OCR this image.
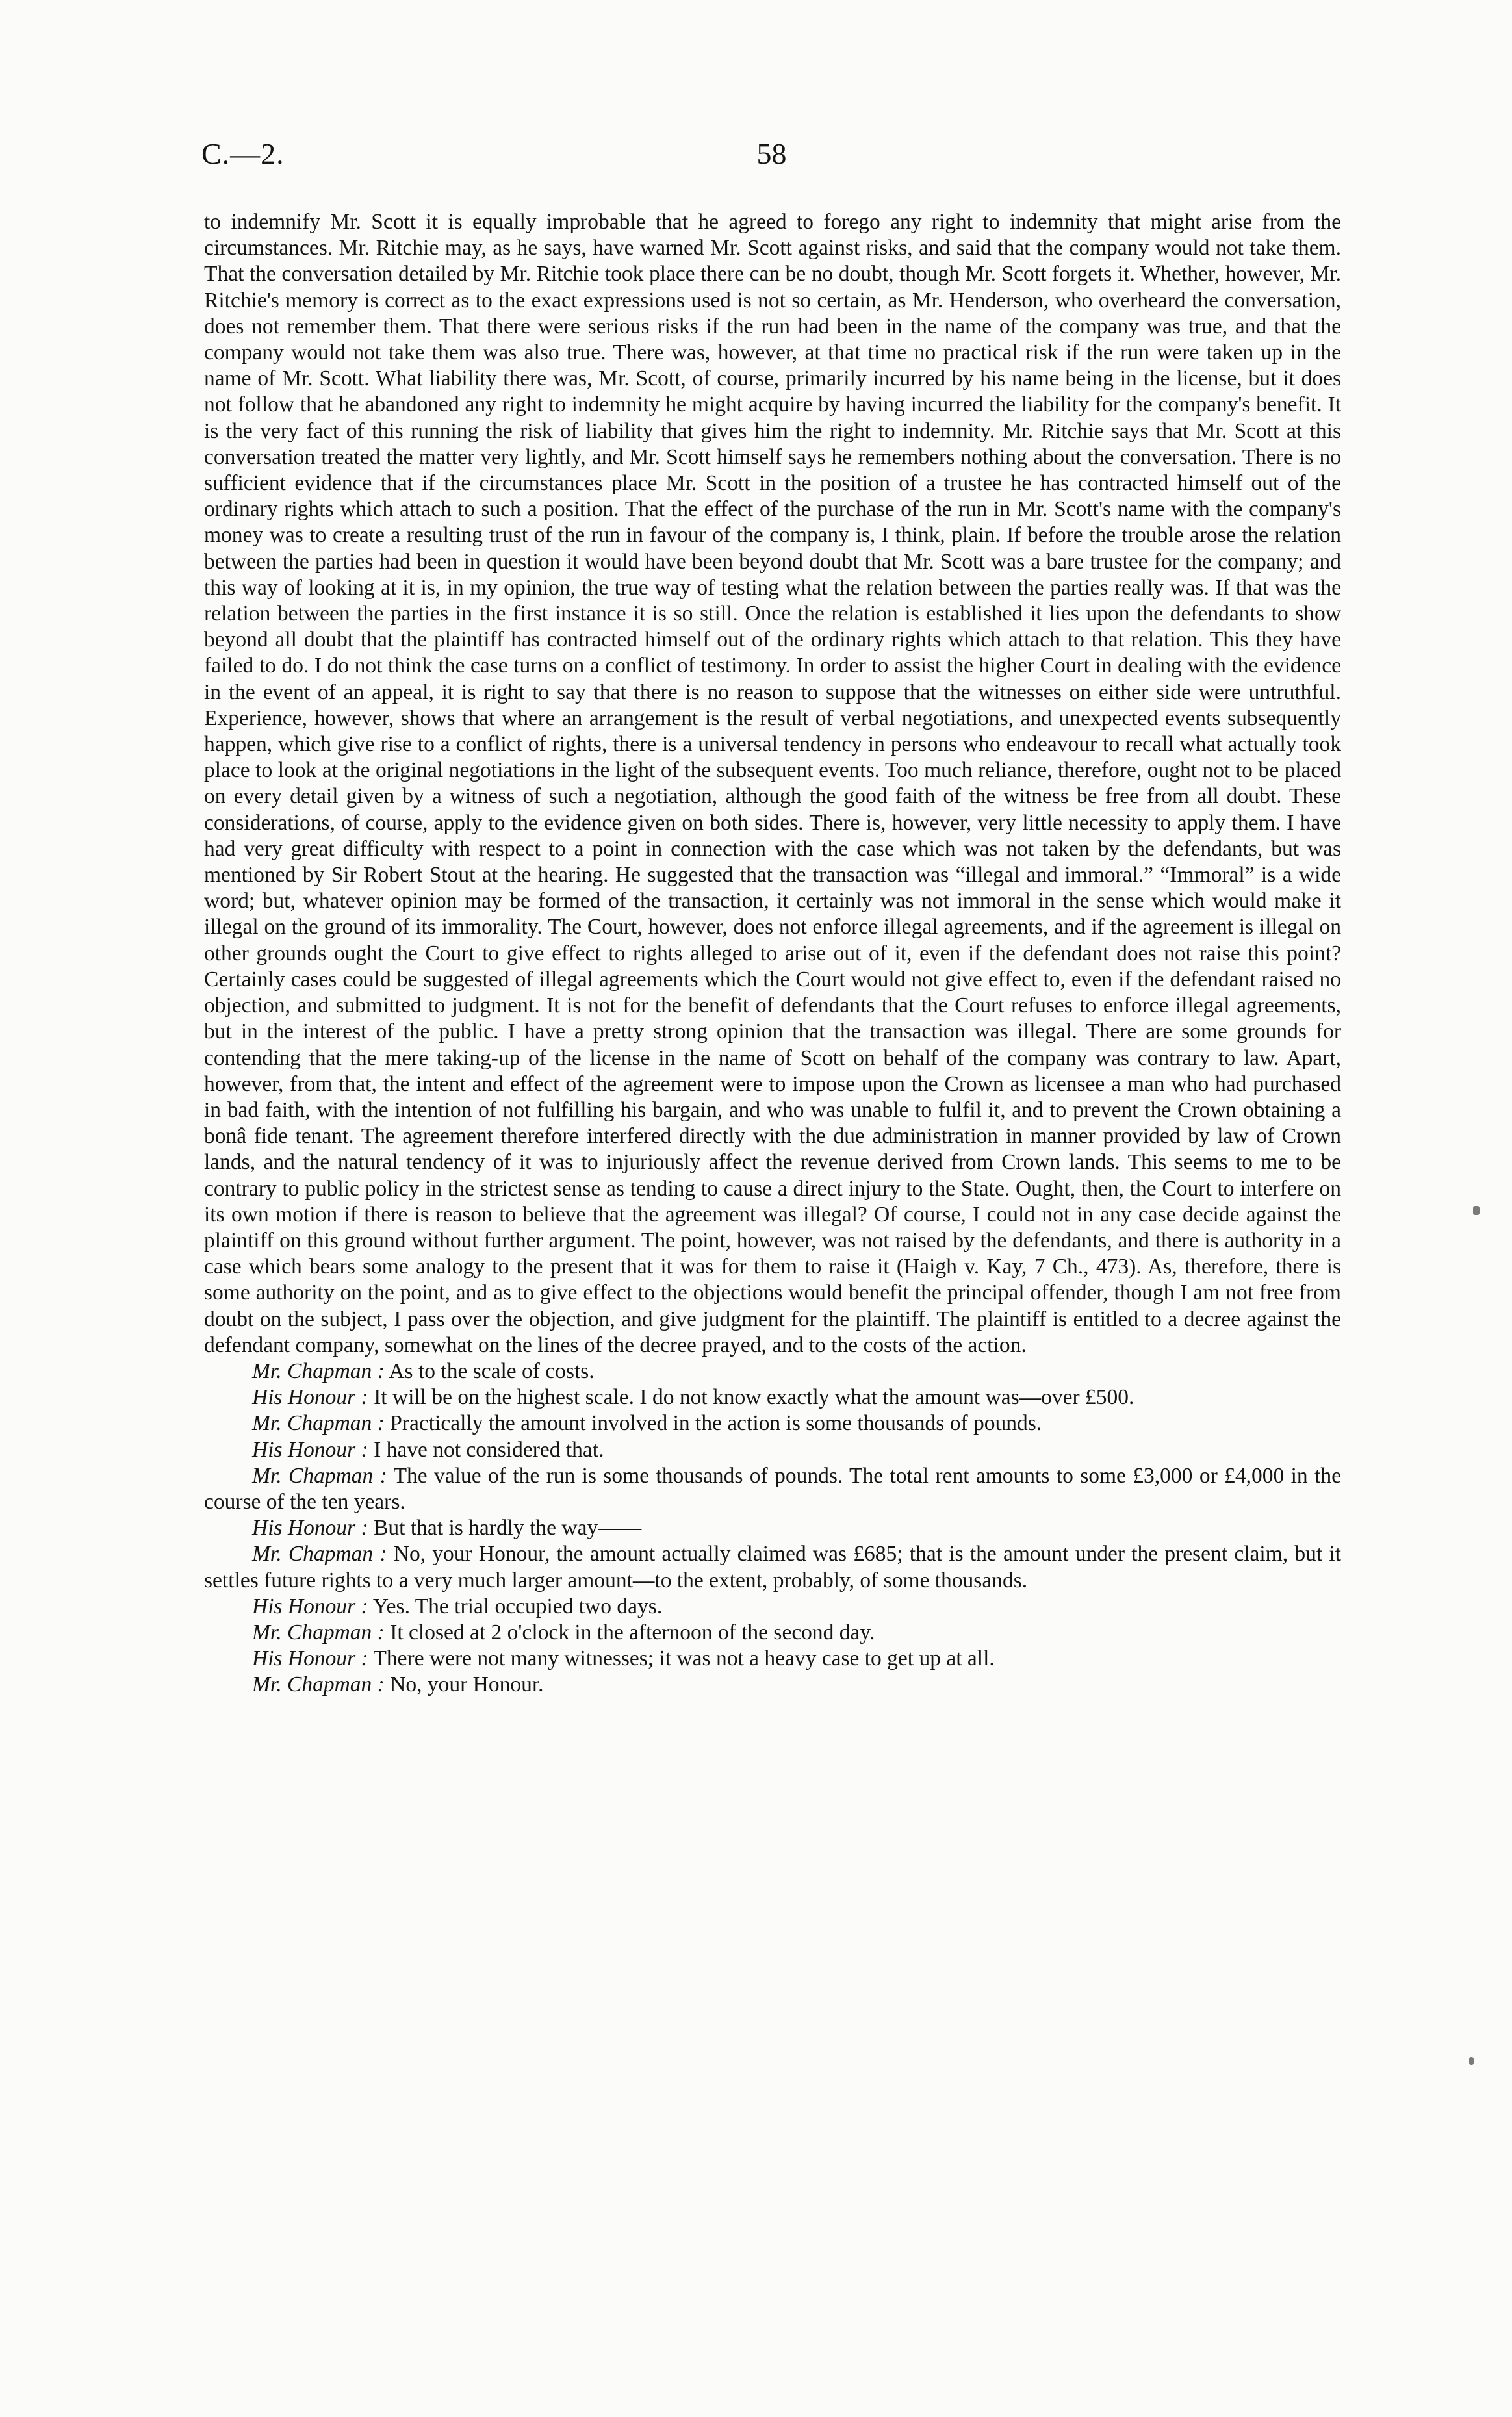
C.—2.	58

to indemnify Mr. Scott it is equally improbable that he agreed to forego any right to indemnity that might arise from the circumstances. Mr. Ritchie may, as he says, have warned Mr. Scott against risks, and said that the company would not take them. That the conversation detailed by Mr. Ritchie took place there can be no doubt, though Mr. Scott forgets it. Whether, however, Mr. Ritchie's memory is correct as to the exact expressions used is not so certain, as Mr. Henderson, who overheard the conversation, does not remember them. That there were serious risks if the run had been in the name of the company was true, and that the company would not take them was also true. There was, however, at that time no practical risk if the run were taken up in the name of Mr. Scott. What liability there was, Mr. Scott, of course, primarily incurred by his name being in the license, but it does not follow that he abandoned any right to indemnity he might acquire by having incurred the liability for the company's benefit. It is the very fact of this running the risk of liability that gives him the right to indemnity. Mr. Ritchie says that Mr. Scott at this conversation treated the matter very lightly, and Mr. Scott himself says he remembers nothing about the conversation. There is no sufficient evidence that if the circumstances place Mr. Scott in the position of a trustee he has contracted himself out of the ordinary rights which attach to such a position. That the effect of the purchase of the run in Mr. Scott's name with the company's money was to create a resulting trust of the run in favour of the company is, I think, plain. If before the trouble arose the relation between the parties had been in question it would have been beyond doubt that Mr. Scott was a bare trustee for the company; and this way of looking at it is, in my opinion, the true way of testing what the relation between the parties really was. If that was the relation between the parties in the first instance it is so still. Once the relation is established it lies upon the defendants to show beyond all doubt that the plaintiff has contracted himself out of the ordinary rights which attach to that relation. This they have failed to do. I do not think the case turns on a conflict of testimony. In order to assist the higher Court in dealing with the evidence in the event of an appeal, it is right to say that there is no reason to suppose that the witnesses on either side were untruthful. Experience, however, shows that where an arrangement is the result of verbal negotiations, and unexpected events subsequently happen, which give rise to a conflict of rights, there is a universal tendency in persons who endeavour to recall what actually took place to look at the original negotiations in the light of the subsequent events. Too much reliance, therefore, ought not to be placed on every detail given by a witness of such a negotiation, although the good faith of the witness be free from all doubt. These considerations, of course, apply to the evidence given on both sides. There is, however, very little necessity to apply them. I have had very great difficulty with respect to a point in connection with the case which was not taken by the defendants, but was mentioned by Sir Robert Stout at the hearing. He suggested that the transaction was “illegal and immoral.” “Immoral” is a wide word; but, whatever opinion may be formed of the transaction, it certainly was not immoral in the sense which would make it illegal on the ground of its immorality. The Court, however, does not enforce illegal agreements, and if the agreement is illegal on other grounds ought the Court to give effect to rights alleged to arise out of it, even if the defendant does not raise this point? Certainly cases could be suggested of illegal agreements which the Court would not give effect to, even if the defendant raised no objection, and submitted to judgment. It is not for the benefit of defendants that the Court refuses to enforce illegal agreements, but in the interest of the public. I have a pretty strong opinion that the transaction was illegal. There are some grounds for contending that the mere taking-up of the license in the name of Scott on behalf of the company was contrary to law. Apart, however, from that, the intent and effect of the agreement were to impose upon the Crown as licensee a man who had purchased in bad faith, with the intention of not fulfilling his bargain, and who was unable to fulfil it, and to prevent the Crown obtaining a bonâ fide tenant. The agreement therefore interfered directly with the due administration in manner provided by law of Crown lands, and the natural tendency of it was to injuriously affect the revenue derived from Crown lands. This seems to me to be contrary to public policy in the strictest sense as tending to cause a direct injury to the State. Ought, then, the Court to interfere on its own motion if there is reason to believe that the agreement was illegal? Of course, I could not in any case decide against the plaintiff on this ground without further argument. The point, however, was not raised by the defendants, and there is authority in a case which bears some analogy to the present that it was for them to raise it (Haigh v. Kay, 7 Ch., 473). As, therefore, there is some authority on the point, and as to give effect to the objections would benefit the principal offender, though I am not free from doubt on the subject, I pass over the objection, and give judgment for the plaintiff. The plaintiff is entitled to a decree against the defendant company, somewhat on the lines of the decree prayed, and to the costs of the action.

Mr. Chapman : As to the scale of costs.

His Honour : It will be on the highest scale. I do not know exactly what the amount was—over £500.

Mr. Chapman : Practically the amount involved in the action is some thousands of pounds.

His Honour : I have not considered that.

Mr. Chapman : The value of the run is some thousands of pounds. The total rent amounts to some £3,000 or £4,000 in the course of the ten years.

His Honour : But that is hardly the way——

Mr. Chapman : No, your Honour, the amount actually claimed was £685; that is the amount under the present claim, but it settles future rights to a very much larger amount—to the extent, probably, of some thousands.

His Honour : Yes. The trial occupied two days.

Mr. Chapman : It closed at 2 o'clock in the afternoon of the second day.

His Honour : There were not many witnesses; it was not a heavy case to get up at all.

Mr. Chapman : No, your Honour.
